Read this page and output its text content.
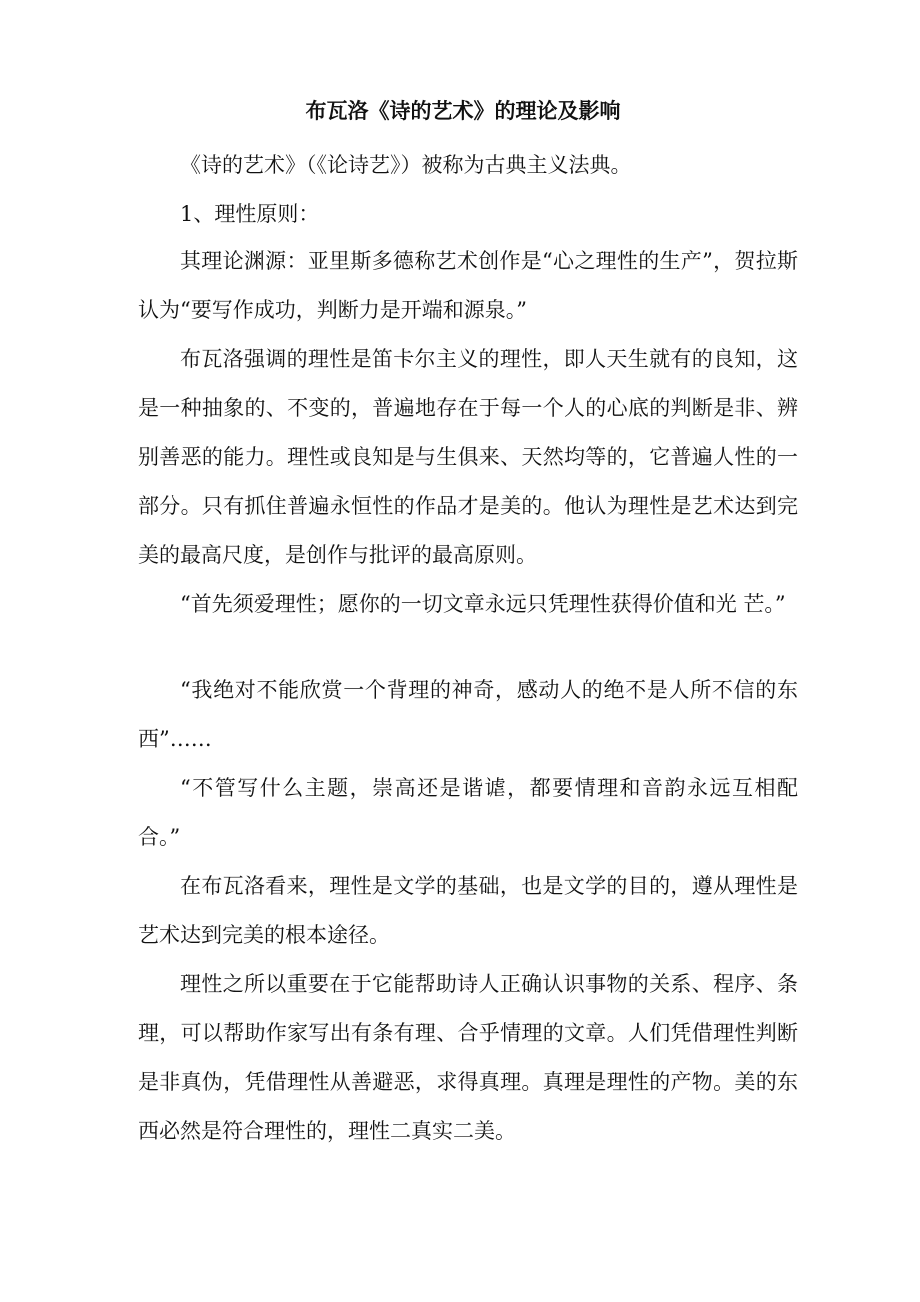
布瓦洛《诗的艺术》的理论及影响

《诗的艺术》（《论诗艺》）被称为古典主义法典。

1、理性原则：

其理论渊源：亚里斯多德称艺术创作是“心之理性的生产”，贺拉斯认为“要写作成功，判断力是开端和源泉。”

布瓦洛强调的理性是笛卡尔主义的理性，即人天生就有的良知，这是一种抽象的、不变的，普遍地存在于每一个人的心底的判断是非、辨别善恶的能力。理性或良知是与生俱来、天然均等的，它普遍人性的一部分。只有抓住普遍永恒性的作品才是美的。他认为理性是艺术达到完美的最高尺度，是创作与批评的最高原则。

“首先须爱理性；愿你的一切文章永远只凭理性获得价值和光 芒。”

“我绝对不能欣赏一个背理的神奇，感动人的绝不是人所不信的东西”……

“不管写什么主题，崇高还是谐谑，都要情理和音韵永远互相配合。”

在布瓦洛看来，理性是文学的基础，也是文学的目的，遵从理性是艺术达到完美的根本途径。

理性之所以重要在于它能帮助诗人正确认识事物的关系、程序、条理，可以帮助作家写出有条有理、合乎情理的文章。人们凭借理性判断是非真伪，凭借理性从善避恶，求得真理。真理是理性的产物。美的东西必然是符合理性的，理性二真实二美。
